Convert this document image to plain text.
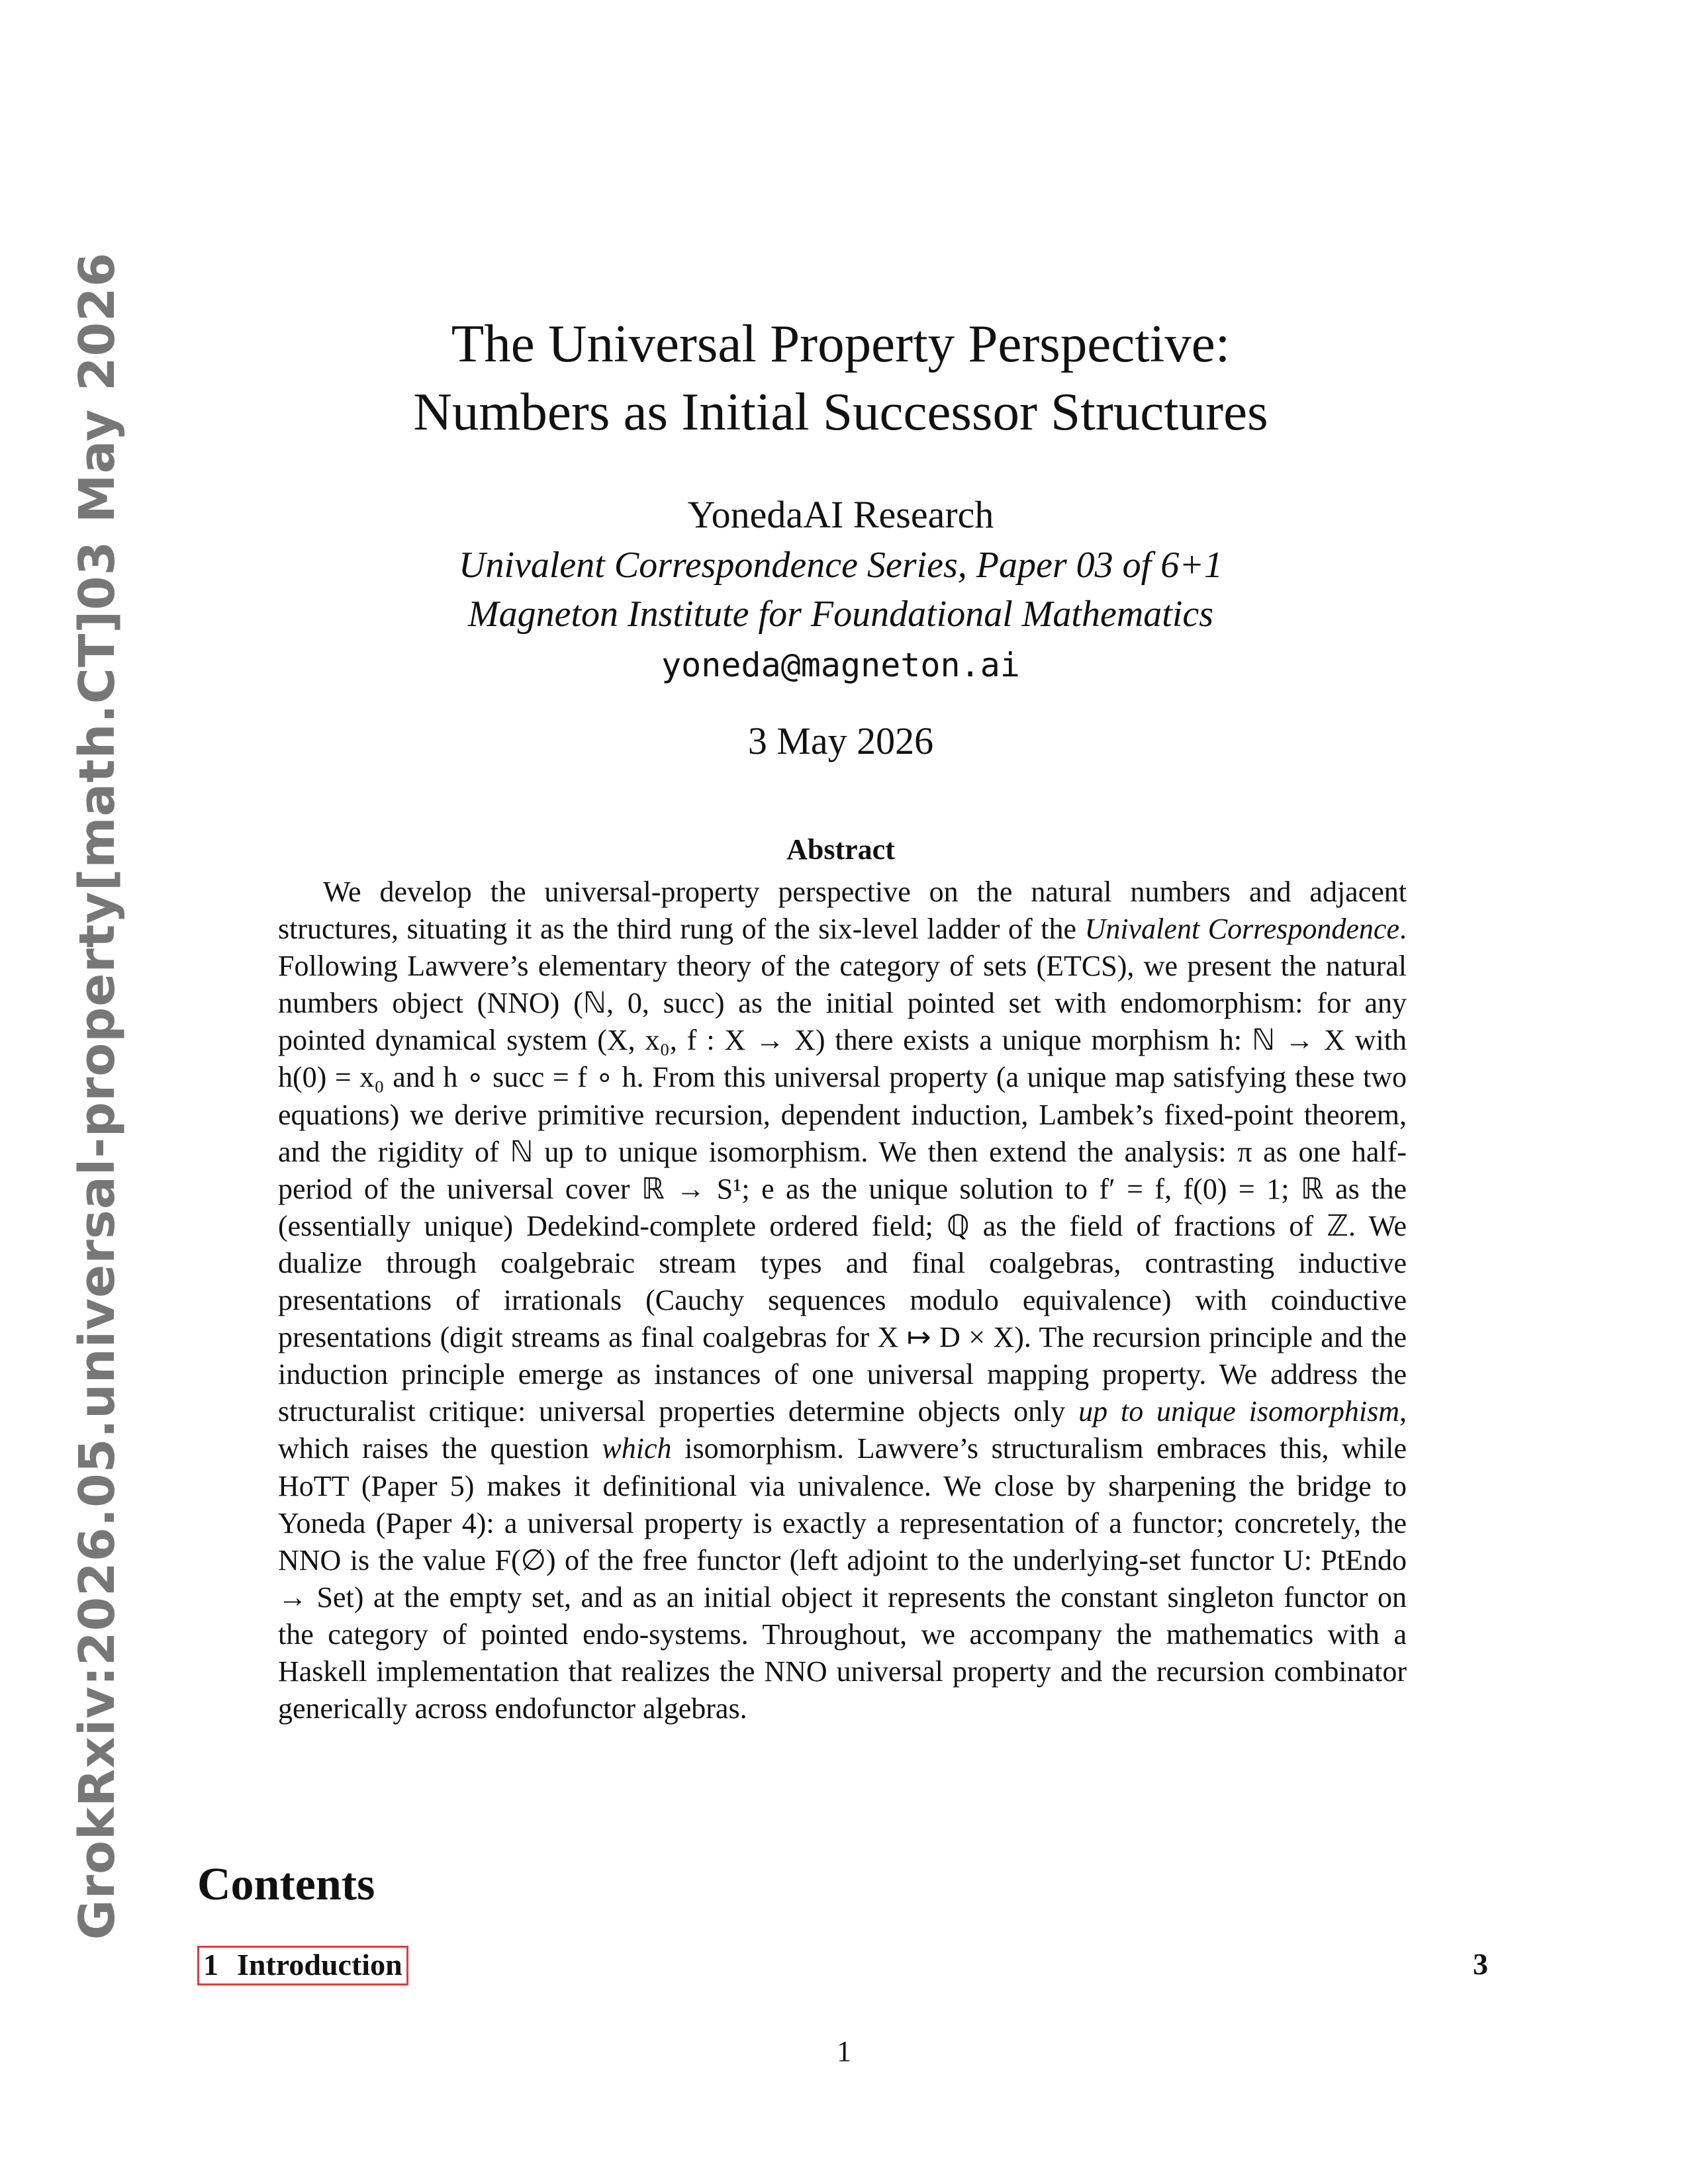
GrokRxiv:2026.05.universal-property
[math.CT]
03 May 2026	The Universal Property Perspective:
Numbers as Initial Successor Structures
YonedaAI Research
Univalent Correspondence Series, Paper 03 of 6+1
Magneton Institute for Foundational Mathematics
yoneda@magneton.ai
3 May 2026
Abstract

We develop the universal-property perspective on the natural numbers and adjacent structures, situating it as the third rung of the six-level ladder of the Univalent Correspondence. Following Lawvere’s elementary theory of the category of sets (ETCS), we present the natural numbers object (NNO) (ℕ, 0, succ) as the initial pointed set with endomorphism: for any pointed dynamical system (X, x₀, f : X → X) there exists a unique morphism h: ℕ → X with h(0) = x₀ and h ∘ succ = f ∘ h. From this universal property (a unique map satisfying these two equations) we derive primitive recursion, dependent induction, Lambek’s fixed-point theorem, and the rigidity of ℕ up to unique isomorphism. We then extend the analysis: π as one half-period of the universal cover ℝ → S¹; e as the unique solution to f′ = f, f(0) = 1; ℝ as the (essentially unique) Dedekind-complete ordered field; ℚ as the field of fractions of ℤ. We dualize through coalgebraic stream types and final coalgebras, contrasting inductive presentations of irrationals (Cauchy sequences modulo equivalence) with coinductive presentations (digit streams as final coalgebras for X ↦ D × X). The recursion principle and the induction principle emerge as instances of one universal mapping property. We address the structuralist critique: universal properties determine objects only up to unique isomorphism, which raises the question which isomorphism. Lawvere’s structuralism embraces this, while HoTT (Paper 5) makes it definitional via univalence. We close by sharpening the bridge to Yoneda (Paper 4): a universal property is exactly a representation of a functor; concretely, the NNO is the value F(∅) of the free functor (left adjoint to the underlying-set functor U: PtEndo → Set) at the empty set, and as an initial object it represents the constant singleton functor on the category of pointed endo-systems. Throughout, we accompany the mathematics with a Haskell implementation that realizes the NNO universal property and the recursion combinator generically across endofunctor algebras.

Contents
1 Introduction	3
1
